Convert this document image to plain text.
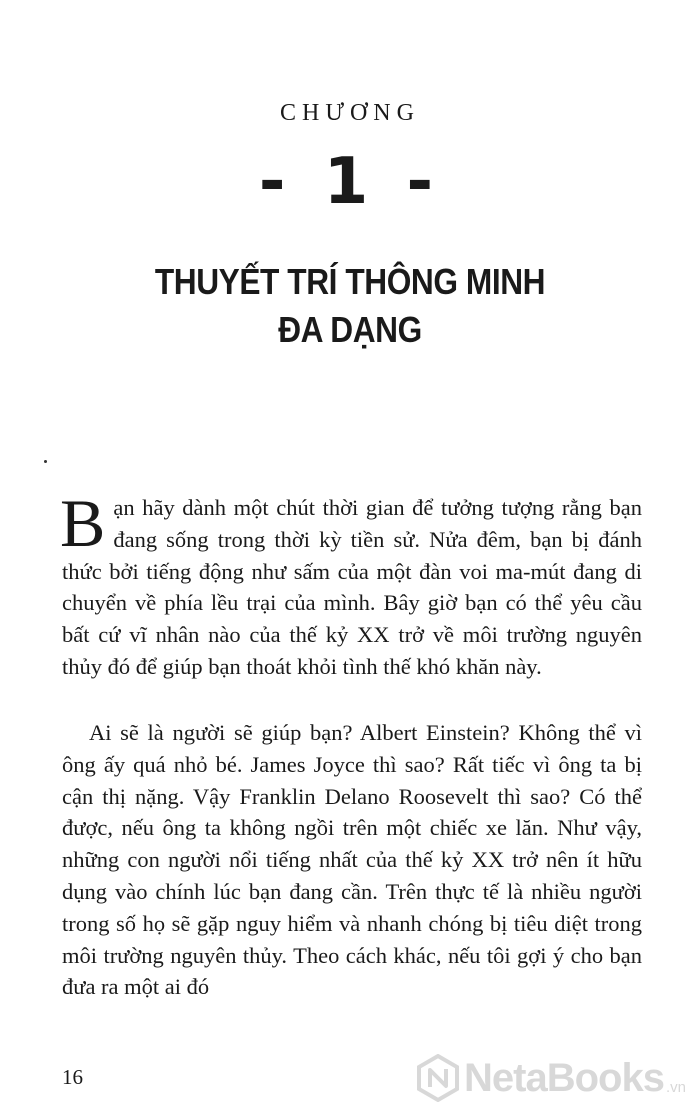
CHƯƠNG
- 1 -
THUYẾT TRÍ THÔNG MINH
ĐA DẠNG
Bạn hãy dành một chút thời gian để tưởng tượng rằng bạn đang sống trong thời kỳ tiền sử. Nửa đêm, bạn bị đánh thức bởi tiếng động như sấm của một đàn voi ma-mút đang di chuyển về phía lều trại của mình. Bây giờ bạn có thể yêu cầu bất cứ vĩ nhân nào của thế kỷ XX trở về môi trường nguyên thủy đó để giúp bạn thoát khỏi tình thế khó khăn này.
Ai sẽ là người sẽ giúp bạn? Albert Einstein? Không thể vì ông ấy quá nhỏ bé. James Joyce thì sao? Rất tiếc vì ông ta bị cận thị nặng. Vậy Franklin Delano Roosevelt thì sao? Có thể được, nếu ông ta không ngồi trên một chiếc xe lăn. Như vậy, những con người nổi tiếng nhất của thế kỷ XX trở nên ít hữu dụng vào chính lúc bạn đang cần. Trên thực tế là nhiều người trong số họ sẽ gặp nguy hiểm và nhanh chóng bị tiêu diệt trong môi trường nguyên thủy. Theo cách khác, nếu tôi gợi ý cho bạn đưa ra một ai đó
16	NetaBooks .vn
